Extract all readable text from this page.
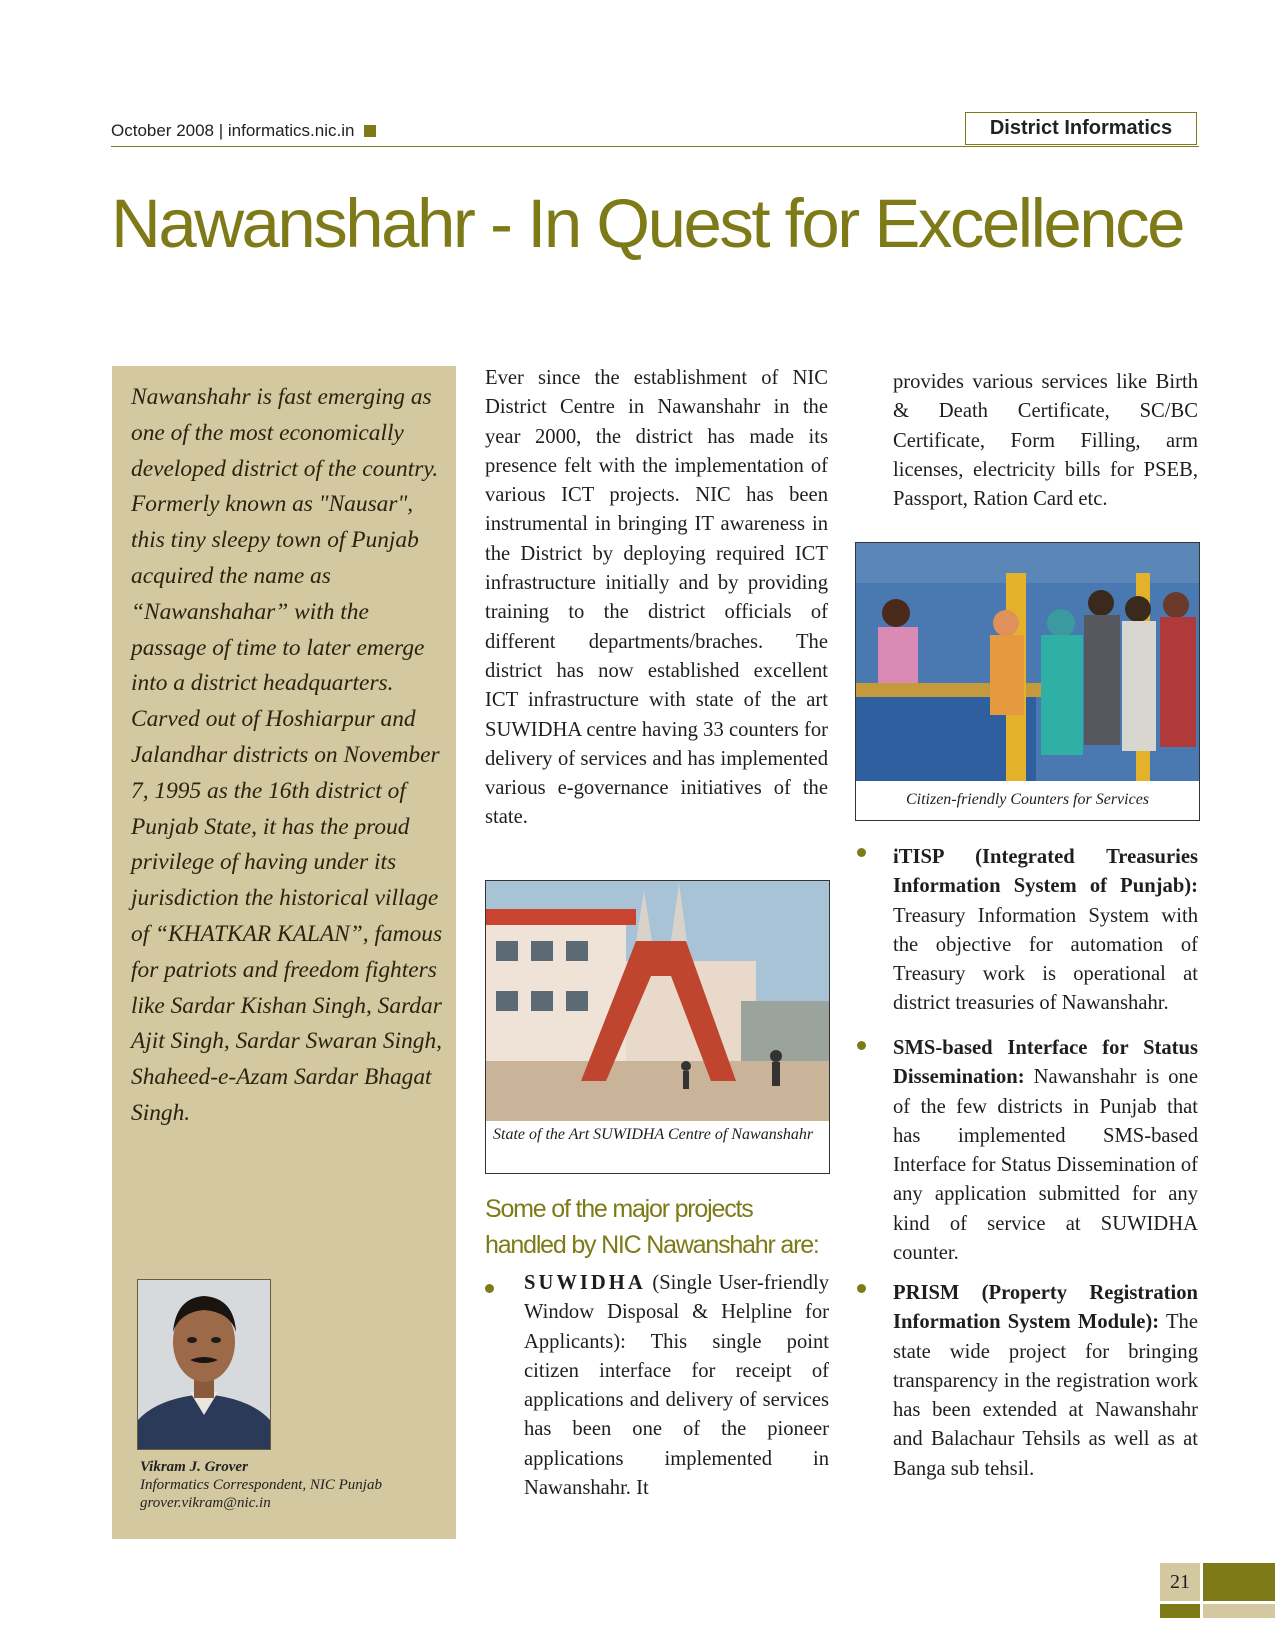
October 2008 | informatics.nic.in	District Informatics
Nawanshahr - In Quest for Excellence
Nawanshahr is fast emerging as one of the most economically developed district of the country. Formerly known as "Nausar", this tiny sleepy town of Punjab acquired the name as “Nawanshahar” with the passage of time to later emerge into a district headquarters. Carved out of Hoshiarpur and Jalandhar districts on November 7, 1995 as the 16th district of Punjab State, it has the proud privilege of having under its jurisdiction the historical village of “KHATKAR KALAN”, famous for patriots and freedom fighters like Sardar Kishan Singh, Sardar Ajit Singh, Sardar Swaran Singh, Shaheed-e-Azam Sardar Bhagat Singh.
Vikram J. Grover
Informatics Correspondent, NIC Punjab
grover.vikram@nic.in
Ever since the establishment of NIC District Centre in Nawanshahr in the year 2000, the district has made its presence felt with the implementation of various ICT projects. NIC has been instrumental in bringing IT awareness in the District by deploying required ICT infrastructure initially and by providing training to the district officials of different departments/braches. The district has now established excellent ICT infrastructure with state of the art SUWIDHA centre having 33 counters for delivery of services and has implemented various e-governance initiatives of the state.
State of the Art SUWIDHA Centre of Nawanshahr
Some of the major projects handled by NIC Nawanshahr are:
SUWIDHA (Single User-friendly Window Disposal & Helpline for Applicants): This single point citizen interface for receipt of applications and delivery of services has been one of the pioneer applications implemented in Nawanshahr. It
provides various services like Birth & Death Certificate, SC/BC Certificate, Form Filling, arm licenses, electricity bills for PSEB, Passport, Ration Card etc.
Citizen-friendly Counters for Services
iTISP (Integrated Treasuries Information System of Punjab): Treasury Information System with the objective for automation of Treasury work is operational at district treasuries of Nawanshahr.
SMS-based Interface for Status Dissemination: Nawanshahr is one of the few districts in Punjab that has implemented SMS-based Interface for Status Dissemination of any application submitted for any kind of service at SUWIDHA counter.
PRISM (Property Registration Information System Module): The state wide project for bringing transparency in the registration work has been extended at Nawanshahr and Balachaur Tehsils as well as at Banga sub tehsil.
21
